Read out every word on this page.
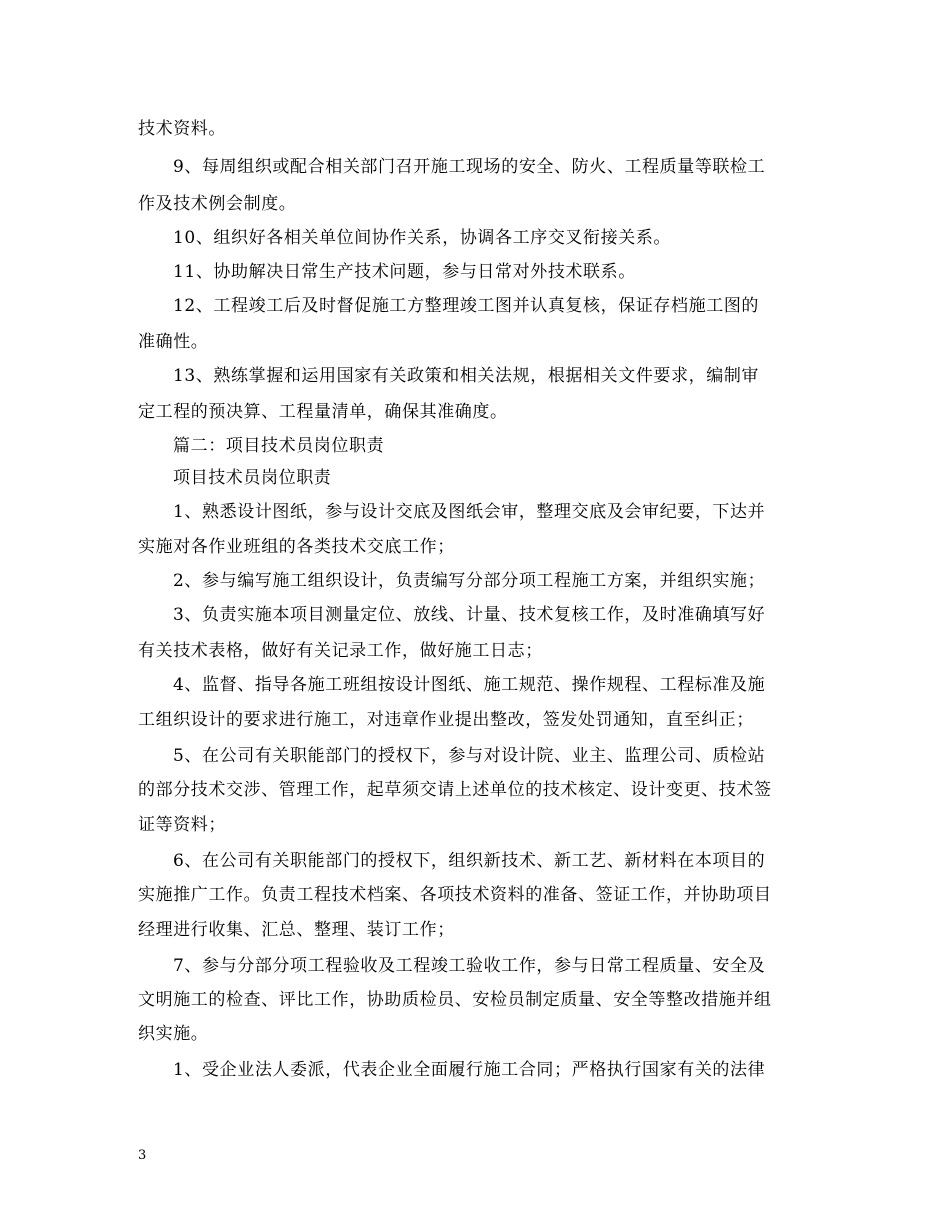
技术资料。
9、每周组织或配合相关部门召开施工现场的安全、防火、工程质量等联检工
作及技术例会制度。
10、组织好各相关单位间协作关系，协调各工序交叉衔接关系。
11、协助解决日常生产技术问题，参与日常对外技术联系。
12、工程竣工后及时督促施工方整理竣工图并认真复核，保证存档施工图的
准确性。
13、熟练掌握和运用国家有关政策和相关法规，根据相关文件要求，编制审
定工程的预决算、工程量清单，确保其准确度。
篇二：项目技术员岗位职责
项目技术员岗位职责
1、熟悉设计图纸，参与设计交底及图纸会审，整理交底及会审纪要，下达并
实施对各作业班组的各类技术交底工作；
2、参与编写施工组织设计，负责编写分部分项工程施工方案，并组织实施；
3、负责实施本项目测量定位、放线、计量、技术复核工作，及时准确填写好
有关技术表格，做好有关记录工作，做好施工日志；
4、监督、指导各施工班组按设计图纸、施工规范、操作规程、工程标准及施
工组织设计的要求进行施工，对违章作业提出整改，签发处罚通知，直至纠正；
5、在公司有关职能部门的授权下，参与对设计院、业主、监理公司、质检站
的部分技术交涉、管理工作，起草须交请上述单位的技术核定、设计变更、技术签
证等资料；
6、在公司有关职能部门的授权下，组织新技术、新工艺、新材料在本项目的
实施推广工作。负责工程技术档案、各项技术资料的准备、签证工作，并协助项目
经理进行收集、汇总、整理、装订工作；
7、参与分部分项工程验收及工程竣工验收工作，参与日常工程质量、安全及
文明施工的检查、评比工作，协助质检员、安检员制定质量、安全等整改措施并组
织实施。
1、受企业法人委派，代表企业全面履行施工合同；严格执行国家有关的法律
3
